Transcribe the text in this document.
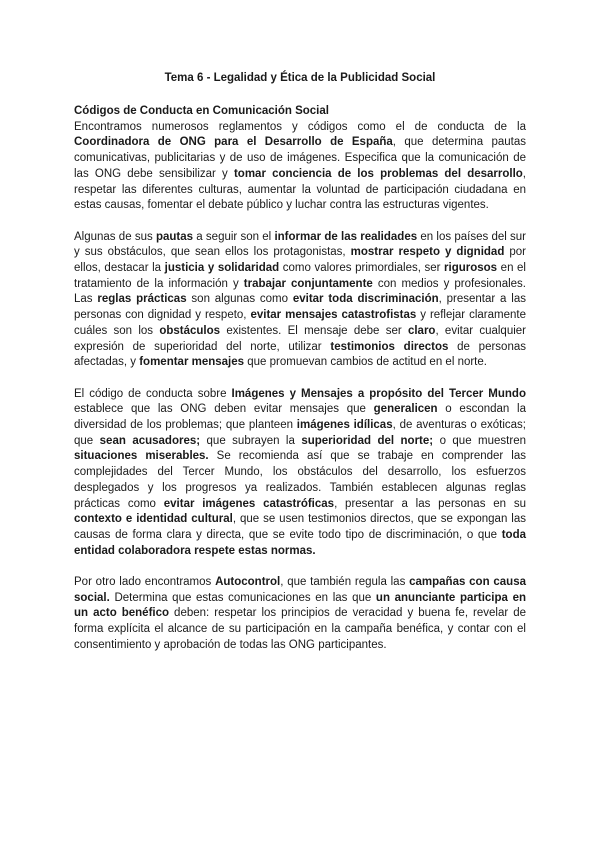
Tema 6 - Legalidad y Ética de la Publicidad Social

Códigos de Conducta en Comunicación Social
Encontramos numerosos reglamentos y códigos como el de conducta de la Coordinadora de ONG para el Desarrollo de España, que determina pautas comunicativas, publicitarias y de uso de imágenes. Especifica que la comunicación de las ONG debe sensibilizar y tomar conciencia de los problemas del desarrollo, respetar las diferentes culturas, aumentar la voluntad de participación ciudadana en estas causas, fomentar el debate público y luchar contra las estructuras vigentes.

Algunas de sus pautas a seguir son el informar de las realidades en los países del sur y sus obstáculos, que sean ellos los protagonistas, mostrar respeto y dignidad por ellos, destacar la justicia y solidaridad como valores primordiales, ser rigurosos en el tratamiento de la información y trabajar conjuntamente con medios y profesionales. Las reglas prácticas son algunas como evitar toda discriminación, presentar a las personas con dignidad y respeto, evitar mensajes catastrofistas y reflejar claramente cuáles son los obstáculos existentes. El mensaje debe ser claro, evitar cualquier expresión de superioridad del norte, utilizar testimonios directos de personas afectadas, y fomentar mensajes que promuevan cambios de actitud en el norte.

El código de conducta sobre Imágenes y Mensajes a propósito del Tercer Mundo establece que las ONG deben evitar mensajes que generalicen o escondan la diversidad de los problemas; que planteen imágenes idílicas, de aventuras o exóticas; que sean acusadores; que subrayen la superioridad del norte; o que muestren situaciones miserables. Se recomienda así que se trabaje en comprender las complejidades del Tercer Mundo, los obstáculos del desarrollo, los esfuerzos desplegados y los progresos ya realizados. También establecen algunas reglas prácticas como evitar imágenes catastróficas, presentar a las personas en su contexto e identidad cultural, que se usen testimonios directos, que se expongan las causas de forma clara y directa, que se evite todo tipo de discriminación, o que toda entidad colaboradora respete estas normas.

Por otro lado encontramos Autocontrol, que también regula las campañas con causa social. Determina que estas comunicaciones en las que un anunciante participa en un acto benéfico deben: respetar los principios de veracidad y buena fe, revelar de forma explícita el alcance de su participación en la campaña benéfica, y contar con el consentimiento y aprobación de todas las ONG participantes.
